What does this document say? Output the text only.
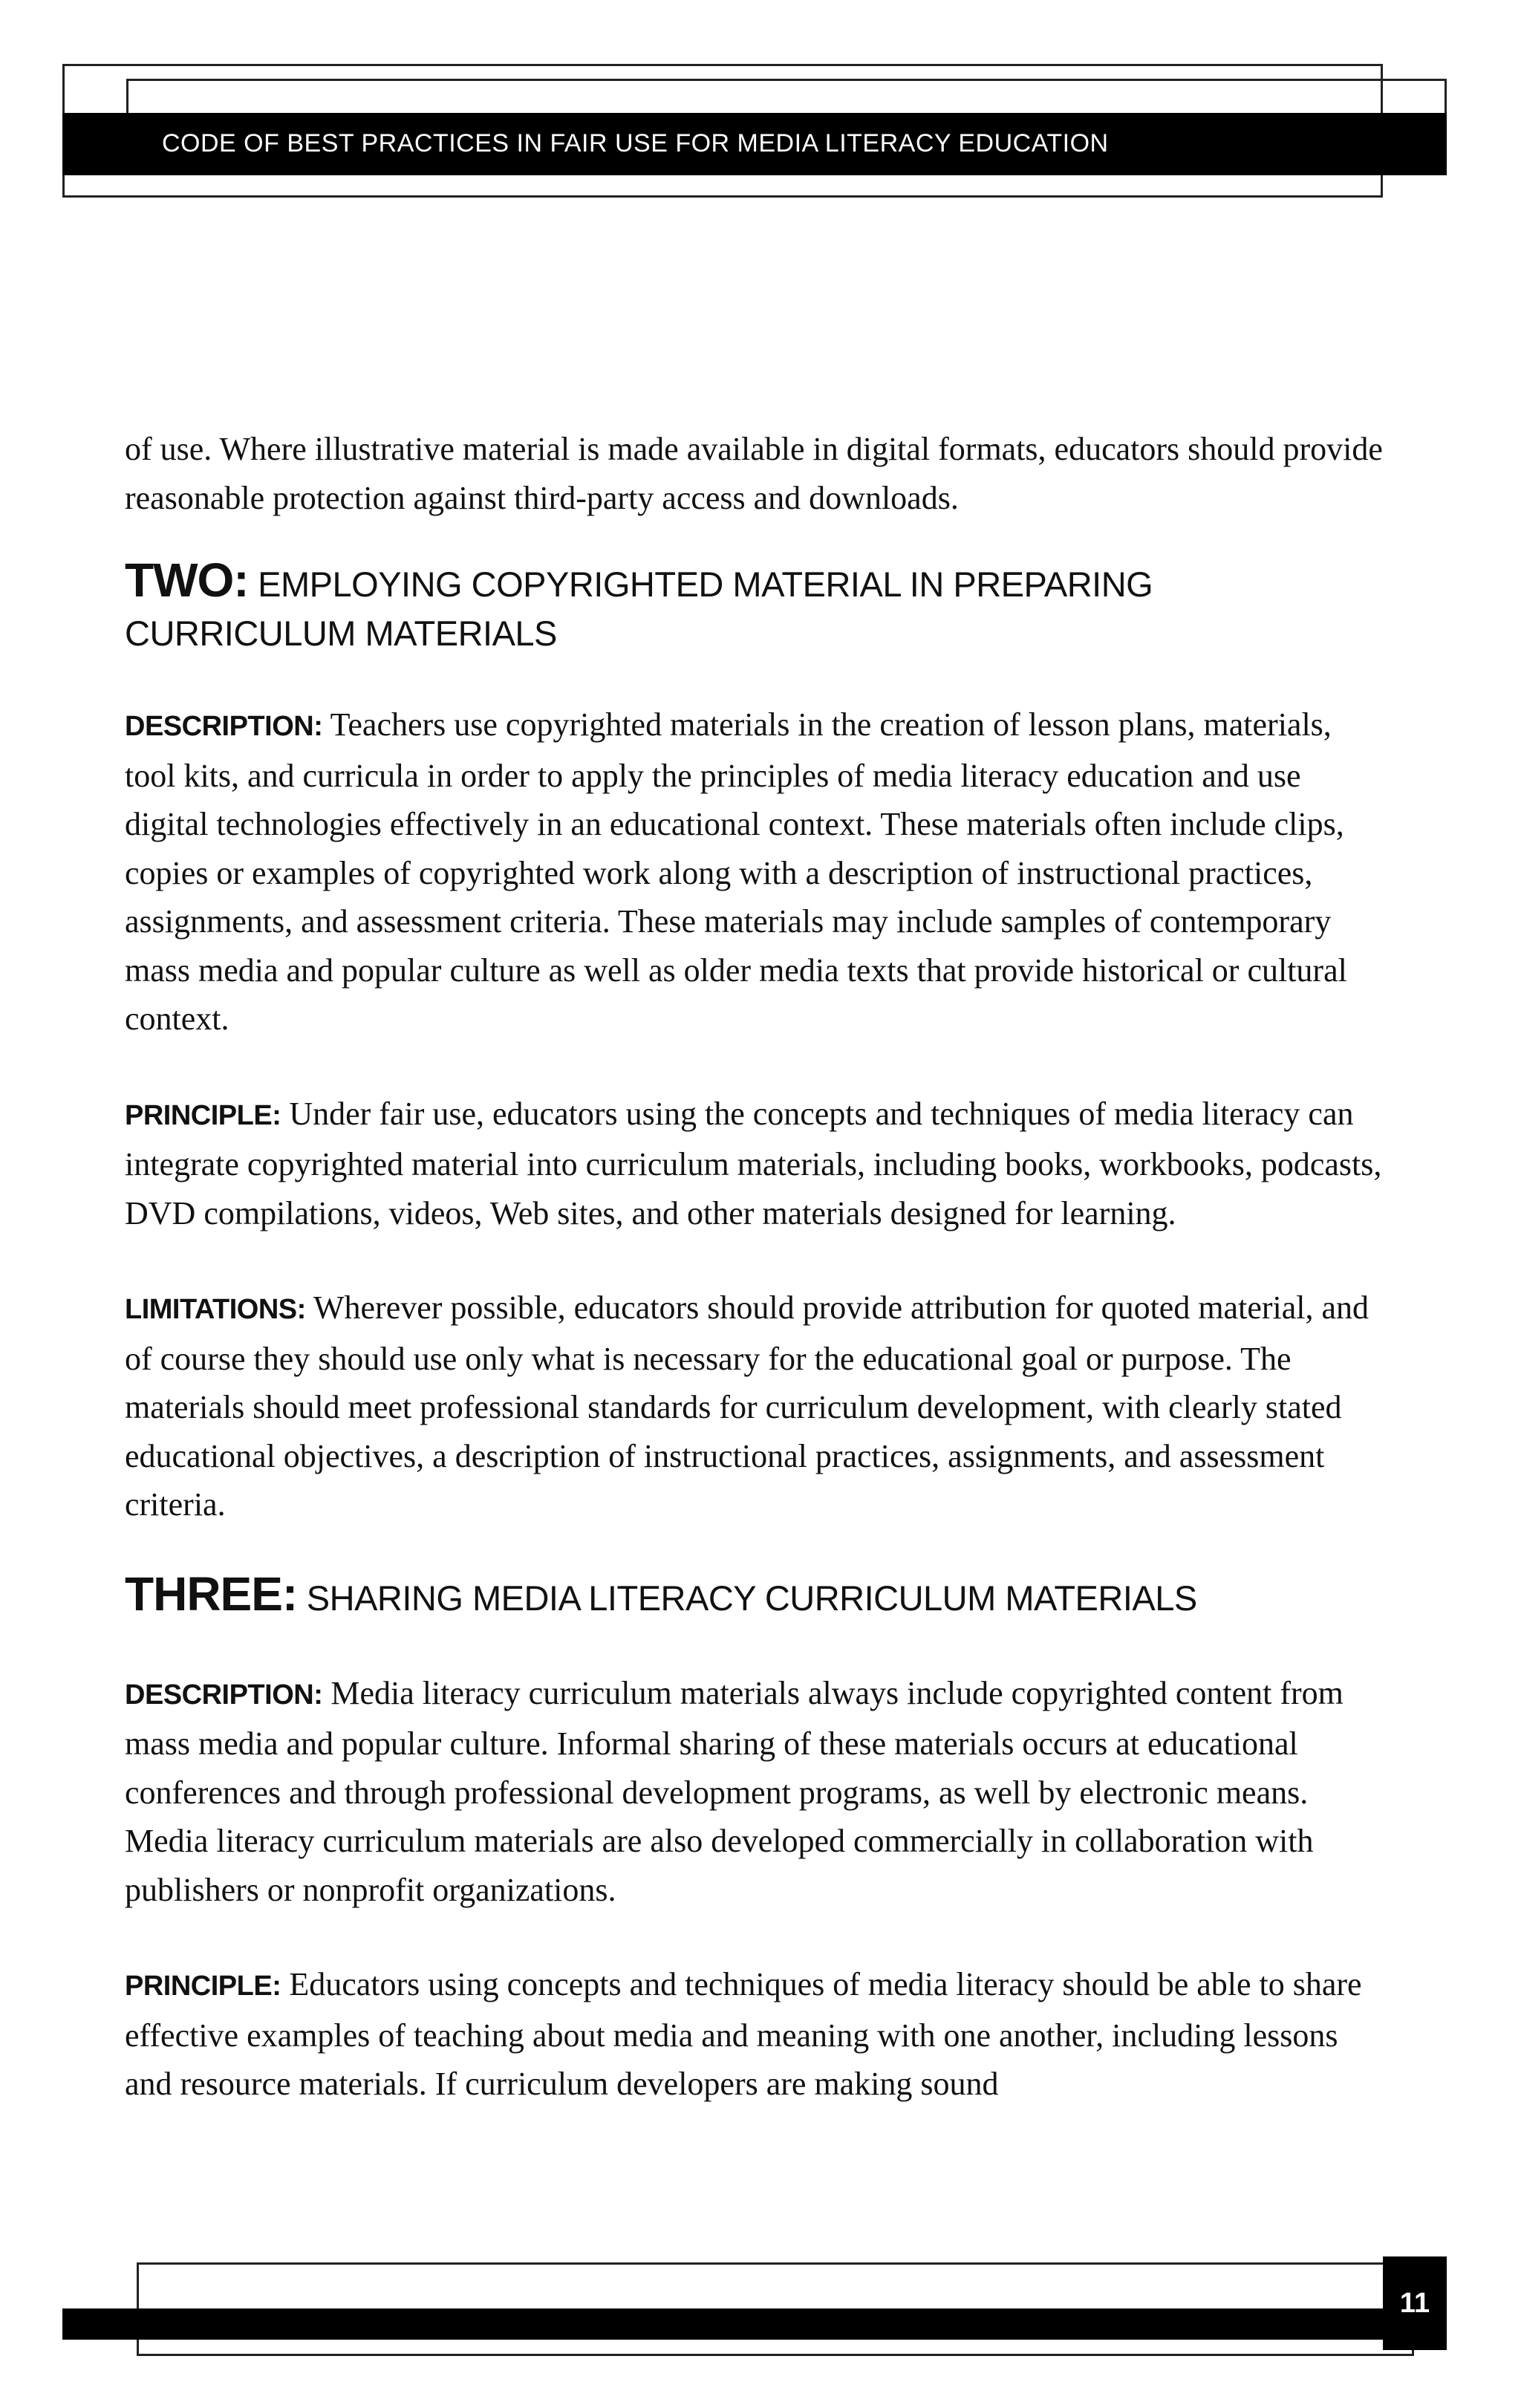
CODE OF BEST PRACTICES IN FAIR USE FOR MEDIA LITERACY EDUCATION

of use. Where illustrative material is made available in digital formats, educators should provide reasonable protection against third-party access and downloads.

TWO: EMPLOYING COPYRIGHTED MATERIAL IN PREPARING CURRICULUM MATERIALS

DESCRIPTION: Teachers use copyrighted materials in the creation of lesson plans, materials, tool kits, and curricula in order to apply the principles of media literacy education and use digital technologies effectively in an educational context. These materials often include clips, copies or examples of copyrighted work along with a description of instructional practices, assignments, and assessment criteria. These materials may include samples of contemporary mass media and popular culture as well as older media texts that provide historical or cultural context.

PRINCIPLE: Under fair use, educators using the concepts and techniques of media literacy can integrate copyrighted material into curriculum materials, including books, workbooks, podcasts, DVD compilations, videos, Web sites, and other materials designed for learning.

LIMITATIONS: Wherever possible, educators should provide attribution for quoted material, and of course they should use only what is necessary for the educational goal or purpose. The materials should meet professional standards for curriculum development, with clearly stated educational objectives, a description of instructional practices, assignments, and assessment criteria.

THREE: SHARING MEDIA LITERACY CURRICULUM MATERIALS

DESCRIPTION: Media literacy curriculum materials always include copyrighted content from mass media and popular culture. Informal sharing of these materials occurs at educational conferences and through professional development programs, as well by electronic means. Media literacy curriculum materials are also developed commercially in collaboration with publishers or nonprofit organizations.

PRINCIPLE: Educators using concepts and techniques of media literacy should be able to share effective examples of teaching about media and meaning with one another, including lessons and resource materials. If curriculum developers are making sound

11
